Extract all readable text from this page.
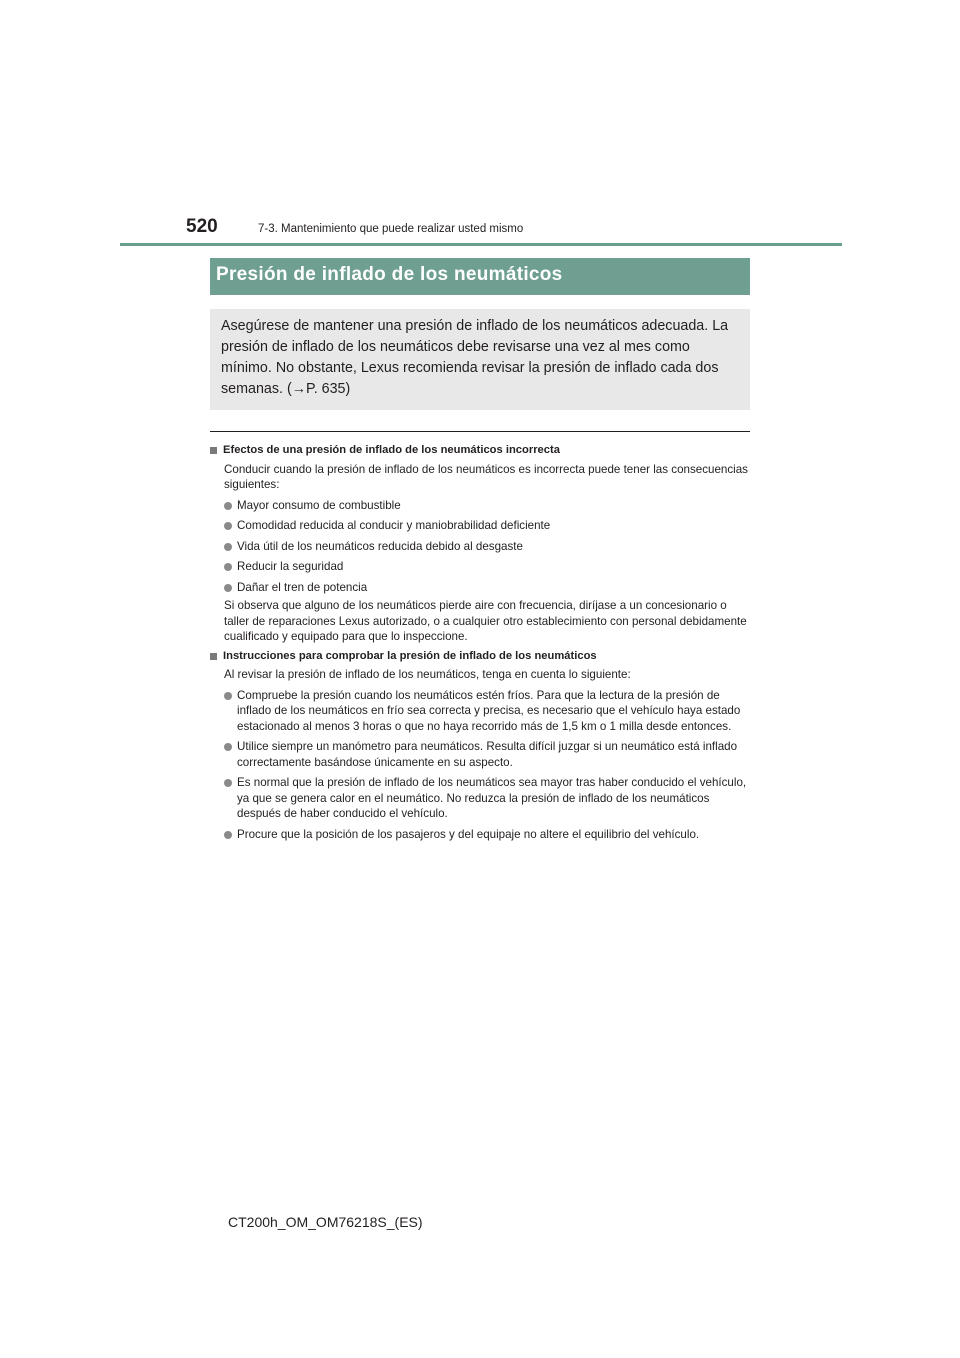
520	7-3. Mantenimiento que puede realizar usted mismo
Presión de inflado de los neumáticos
Asegúrese de mantener una presión de inflado de los neumáticos adecuada. La presión de inflado de los neumáticos debe revisarse una vez al mes como mínimo. No obstante, Lexus recomienda revisar la presión de inflado cada dos semanas. (→P. 635)
Efectos de una presión de inflado de los neumáticos incorrecta
Conducir cuando la presión de inflado de los neumáticos es incorrecta puede tener las consecuencias siguientes:
Mayor consumo de combustible
Comodidad reducida al conducir y maniobrabilidad deficiente
Vida útil de los neumáticos reducida debido al desgaste
Reducir la seguridad
Dañar el tren de potencia
Si observa que alguno de los neumáticos pierde aire con frecuencia, diríjase a un concesionario o taller de reparaciones Lexus autorizado, o a cualquier otro establecimiento con personal debidamente cualificado y equipado para que lo inspeccione.
Instrucciones para comprobar la presión de inflado de los neumáticos
Al revisar la presión de inflado de los neumáticos, tenga en cuenta lo siguiente:
Compruebe la presión cuando los neumáticos estén fríos. Para que la lectura de la presión de inflado de los neumáticos en frío sea correcta y precisa, es necesario que el vehículo haya estado estacionado al menos 3 horas o que no haya recorrido más de 1,5 km o 1 milla desde entonces.
Utilice siempre un manómetro para neumáticos. Resulta difícil juzgar si un neumático está inflado correctamente basándose únicamente en su aspecto.
Es normal que la presión de inflado de los neumáticos sea mayor tras haber conducido el vehículo, ya que se genera calor en el neumático. No reduzca la presión de inflado de los neumáticos después de haber conducido el vehículo.
Procure que la posición de los pasajeros y del equipaje no altere el equilibrio del vehículo.
CT200h_OM_OM76218S_(ES)
